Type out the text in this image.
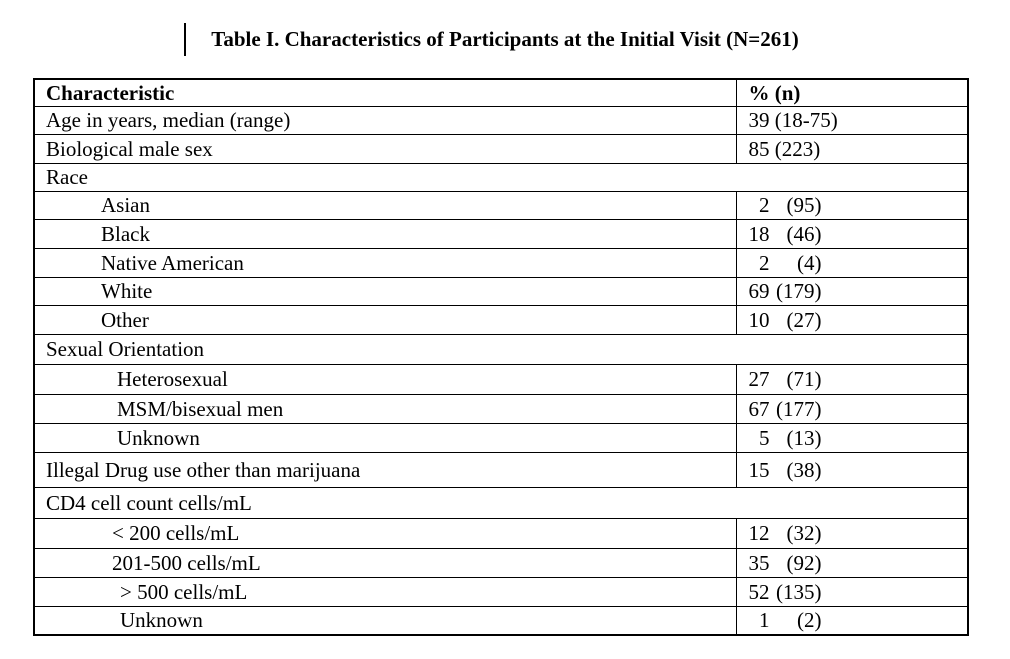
Table I. Characteristics of Participants at the Initial Visit (N=261)
Characteristic	% (n)
Age in years, median (range)	39 (18-75)
Biological male sex	85 (223)
Race	
Asian	2 (95)
Black	18 (46)
Native American	2 (4)
White	69 (179)
Other	10 (27)
Sexual Orientation	
Heterosexual	27 (71)
MSM/bisexual men	67 (177)
Unknown	5 (13)
Illegal Drug use other than marijuana	15 (38)
CD4 cell count cells/mL	
< 200 cells/mL	12 (32)
201-500 cells/mL	35 (92)
> 500 cells/mL	52 (135)
Unknown	1 (2)
